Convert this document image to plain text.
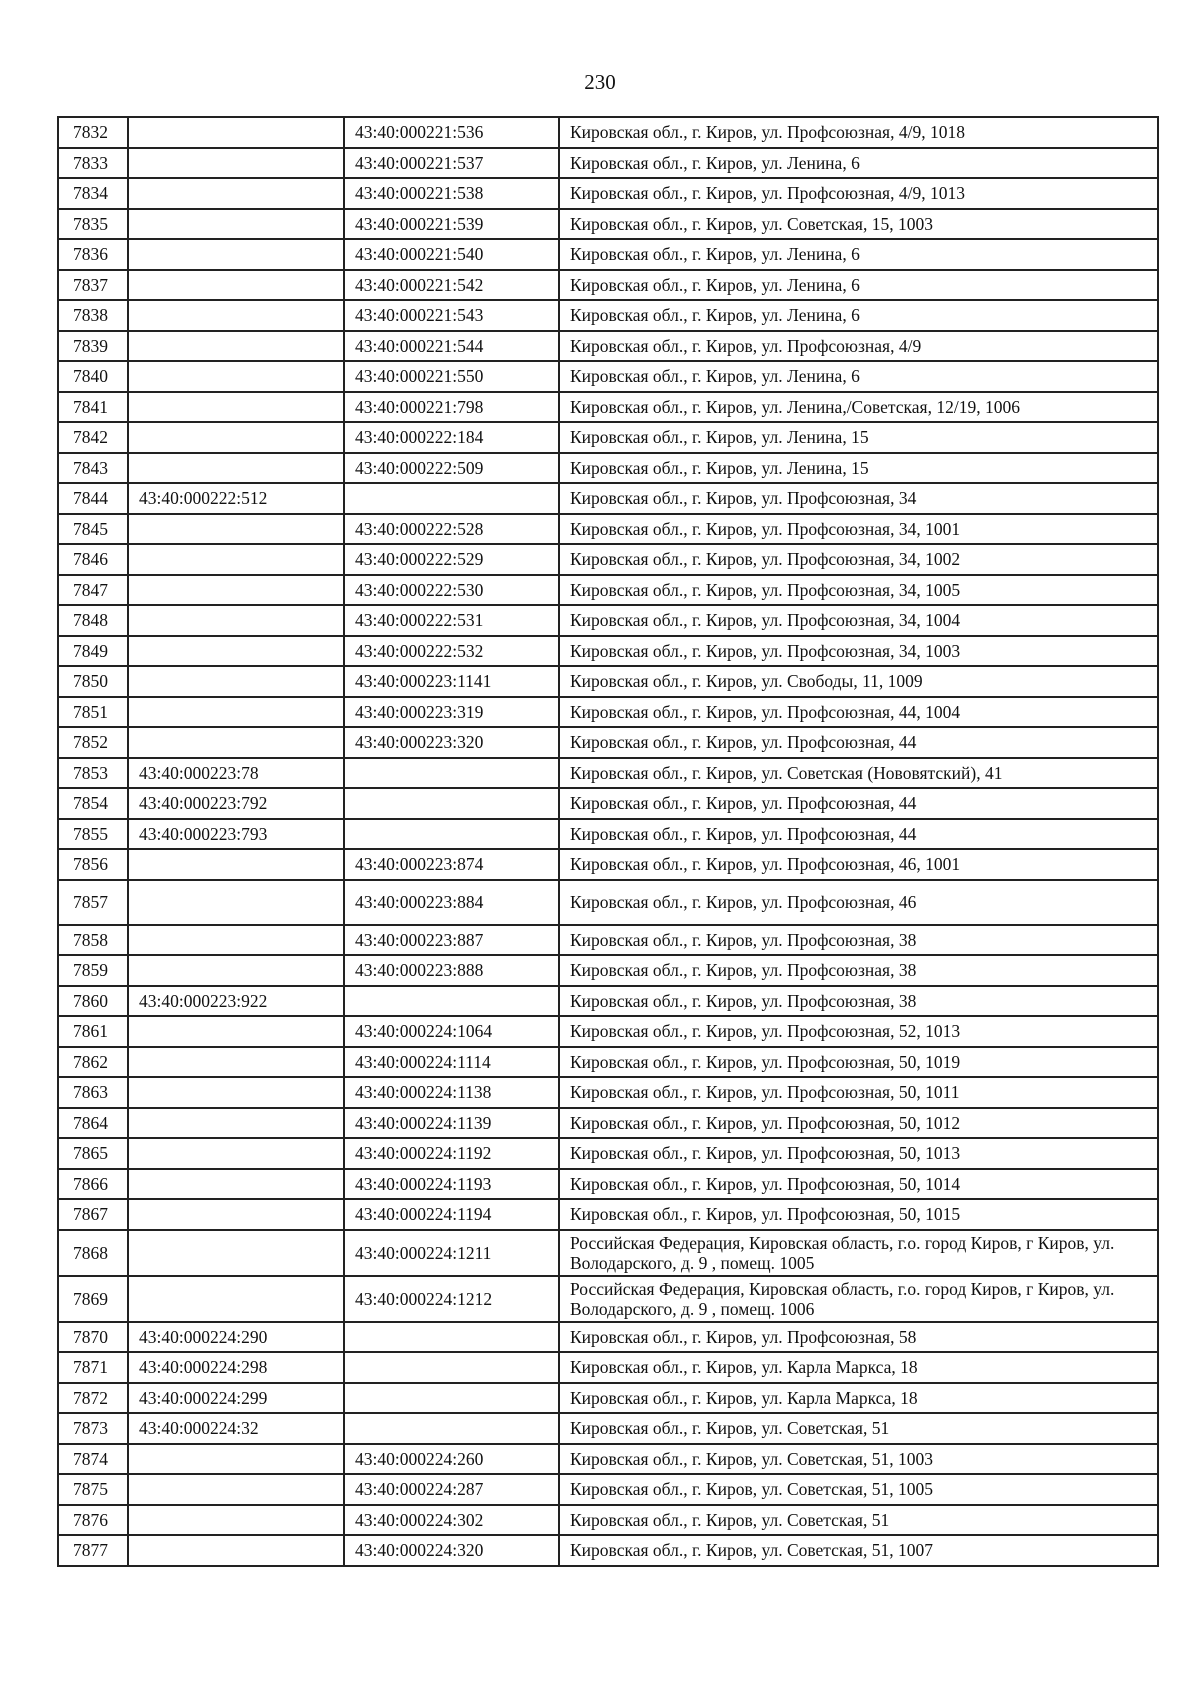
230
7832		43:40:000221:536	Кировская обл., г. Киров, ул. Профсоюзная, 4/9, 1018
7833		43:40:000221:537	Кировская обл., г. Киров, ул. Ленина, 6
7834		43:40:000221:538	Кировская обл., г. Киров, ул. Профсоюзная, 4/9, 1013
7835		43:40:000221:539	Кировская обл., г. Киров, ул. Советская, 15, 1003
7836		43:40:000221:540	Кировская обл., г. Киров, ул. Ленина, 6
7837		43:40:000221:542	Кировская обл., г. Киров, ул. Ленина, 6
7838		43:40:000221:543	Кировская обл., г. Киров, ул. Ленина, 6
7839		43:40:000221:544	Кировская обл., г. Киров, ул. Профсоюзная, 4/9
7840		43:40:000221:550	Кировская обл., г. Киров, ул. Ленина, 6
7841		43:40:000221:798	Кировская обл., г. Киров, ул. Ленина,/Советская, 12/19, 1006
7842		43:40:000222:184	Кировская обл., г. Киров, ул. Ленина, 15
7843		43:40:000222:509	Кировская обл., г. Киров, ул. Ленина, 15
7844	43:40:000222:512		Кировская обл., г. Киров, ул. Профсоюзная, 34
7845		43:40:000222:528	Кировская обл., г. Киров, ул. Профсоюзная, 34, 1001
7846		43:40:000222:529	Кировская обл., г. Киров, ул. Профсоюзная, 34, 1002
7847		43:40:000222:530	Кировская обл., г. Киров, ул. Профсоюзная, 34, 1005
7848		43:40:000222:531	Кировская обл., г. Киров, ул. Профсоюзная, 34, 1004
7849		43:40:000222:532	Кировская обл., г. Киров, ул. Профсоюзная, 34, 1003
7850		43:40:000223:1141	Кировская обл., г. Киров, ул. Свободы, 11, 1009
7851		43:40:000223:319	Кировская обл., г. Киров, ул. Профсоюзная, 44, 1004
7852		43:40:000223:320	Кировская обл., г. Киров, ул. Профсоюзная, 44
7853	43:40:000223:78		Кировская обл., г. Киров, ул. Советская (Нововятский), 41
7854	43:40:000223:792		Кировская обл., г. Киров, ул. Профсоюзная, 44
7855	43:40:000223:793		Кировская обл., г. Киров, ул. Профсоюзная, 44
7856		43:40:000223:874	Кировская обл., г. Киров, ул. Профсоюзная, 46, 1001
7857		43:40:000223:884	Кировская обл., г. Киров, ул. Профсоюзная, 46
7858		43:40:000223:887	Кировская обл., г. Киров, ул. Профсоюзная, 38
7859		43:40:000223:888	Кировская обл., г. Киров, ул. Профсоюзная, 38
7860	43:40:000223:922		Кировская обл., г. Киров, ул. Профсоюзная, 38
7861		43:40:000224:1064	Кировская обл., г. Киров, ул. Профсоюзная, 52, 1013
7862		43:40:000224:1114	Кировская обл., г. Киров, ул. Профсоюзная, 50, 1019
7863		43:40:000224:1138	Кировская обл., г. Киров, ул. Профсоюзная, 50, 1011
7864		43:40:000224:1139	Кировская обл., г. Киров, ул. Профсоюзная, 50, 1012
7865		43:40:000224:1192	Кировская обл., г. Киров, ул. Профсоюзная, 50, 1013
7866		43:40:000224:1193	Кировская обл., г. Киров, ул. Профсоюзная, 50, 1014
7867		43:40:000224:1194	Кировская обл., г. Киров, ул. Профсоюзная, 50, 1015
7868		43:40:000224:1211	Российская Федерация, Кировская область, г.о. город Киров, г Киров, ул. Володарского, д. 9 , помещ. 1005
7869		43:40:000224:1212	Российская Федерация, Кировская область, г.о. город Киров, г Киров, ул. Володарского, д. 9 , помещ. 1006
7870	43:40:000224:290		Кировская обл., г. Киров, ул. Профсоюзная, 58
7871	43:40:000224:298		Кировская обл., г. Киров, ул. Карла Маркса, 18
7872	43:40:000224:299		Кировская обл., г. Киров, ул. Карла Маркса, 18
7873	43:40:000224:32		Кировская обл., г. Киров, ул. Советская, 51
7874		43:40:000224:260	Кировская обл., г. Киров, ул. Советская, 51, 1003
7875		43:40:000224:287	Кировская обл., г. Киров, ул. Советская, 51, 1005
7876		43:40:000224:302	Кировская обл., г. Киров, ул. Советская, 51
7877		43:40:000224:320	Кировская обл., г. Киров, ул. Советская, 51, 1007
